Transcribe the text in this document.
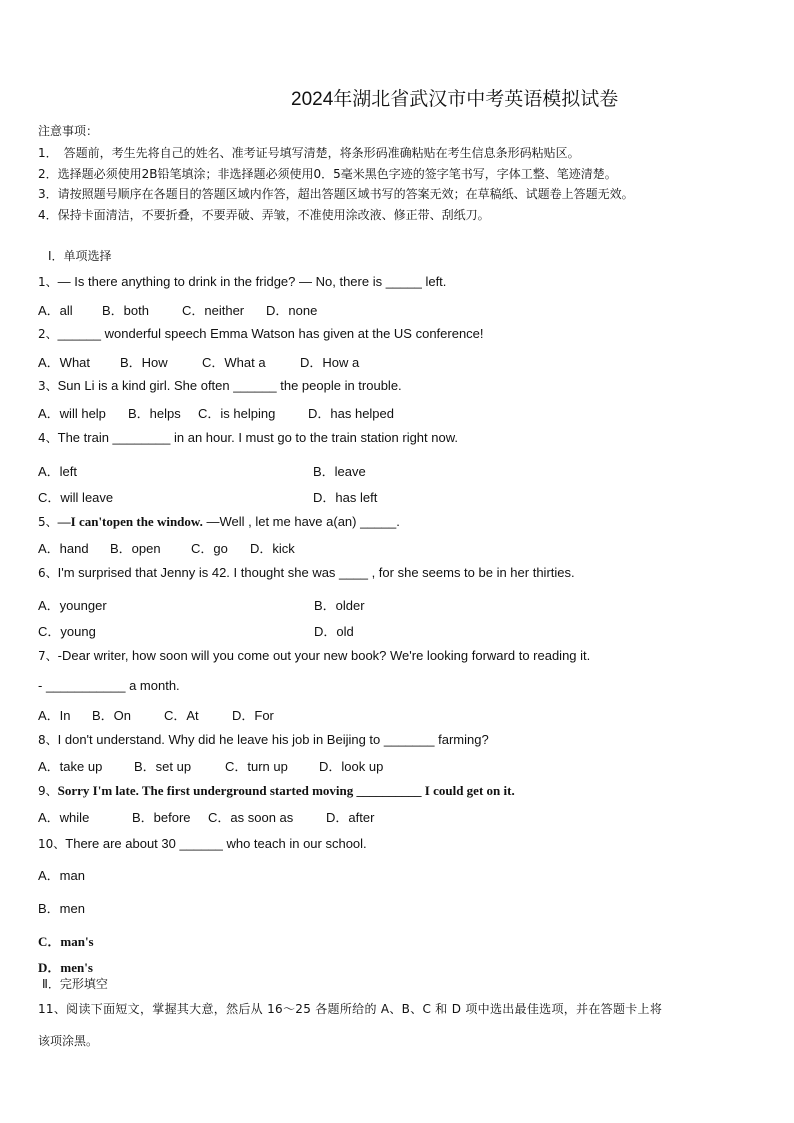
2024年湖北省武汉市中考英语模拟试卷
注意事项：
1．　答题前，考生先将自己的姓名、准考证号填写清楚，将条形码准确粘贴在考生信息条形码粘贴区。
2．选择题必须使用2B铅笔填涂；非选择题必须使用0．5毫米黑色字迹的签字笔书写，字体工整、笔迹清楚。
3．请按照题号顺序在各题目的答题区域内作答，超出答题区域书写的答案无效；在草稿纸、试题卷上答题无效。
4．保持卡面清洁，不要折叠，不要弄破、弄皱，不准使用涂改液、修正带、刮纸刀。
Ⅰ．单项选择
1、— Is there anything to drink in the fridge? — No, there is _____ left.
A．all B．both	C．neither D．none
2、______ wonderful speech Emma Watson has given at the US conference!
A．What B．How	C．What a	D．How a
3、Sun Li is a kind girl. She often ______ the people in trouble.
A．will help B．helps C．is helping	D．has helped
4、The train ________ in an hour. I must go to the train station right now.
A．left	B．leave
C．will leave	D．has left
5、—I can'topen the window. —Well , let me have a(an) _____.
A．hand B．open C．go D．kick
6、I'm surprised that Jenny is 42. I thought she was ____ , for she seems to be in her thirties.
A．younger	B．older
C．young	D．old
7、-Dear writer, how soon will you come out your new book? We're looking forward to reading it.
- ___________ a month.
A．In B．On	C．At	D．For
8、I don't understand. Why did he leave his job in Beijing to _______ farming?
A．take up B．set up	C．turn up D．look up
9、Sorry I'm late. The first underground started moving __________ I could get on it.
A．while	B．before C．as soon as	D．after
10、There are about 30 ______ who teach in our school.
A．man
B．men
C．man's
D．men's
Ⅱ．完形填空
11、阅读下面短文，掌握其大意，然后从 16～25 各题所给的 A、B、C 和 D 项中选出最佳选项，并在答题卡上将
该项涂黑。
